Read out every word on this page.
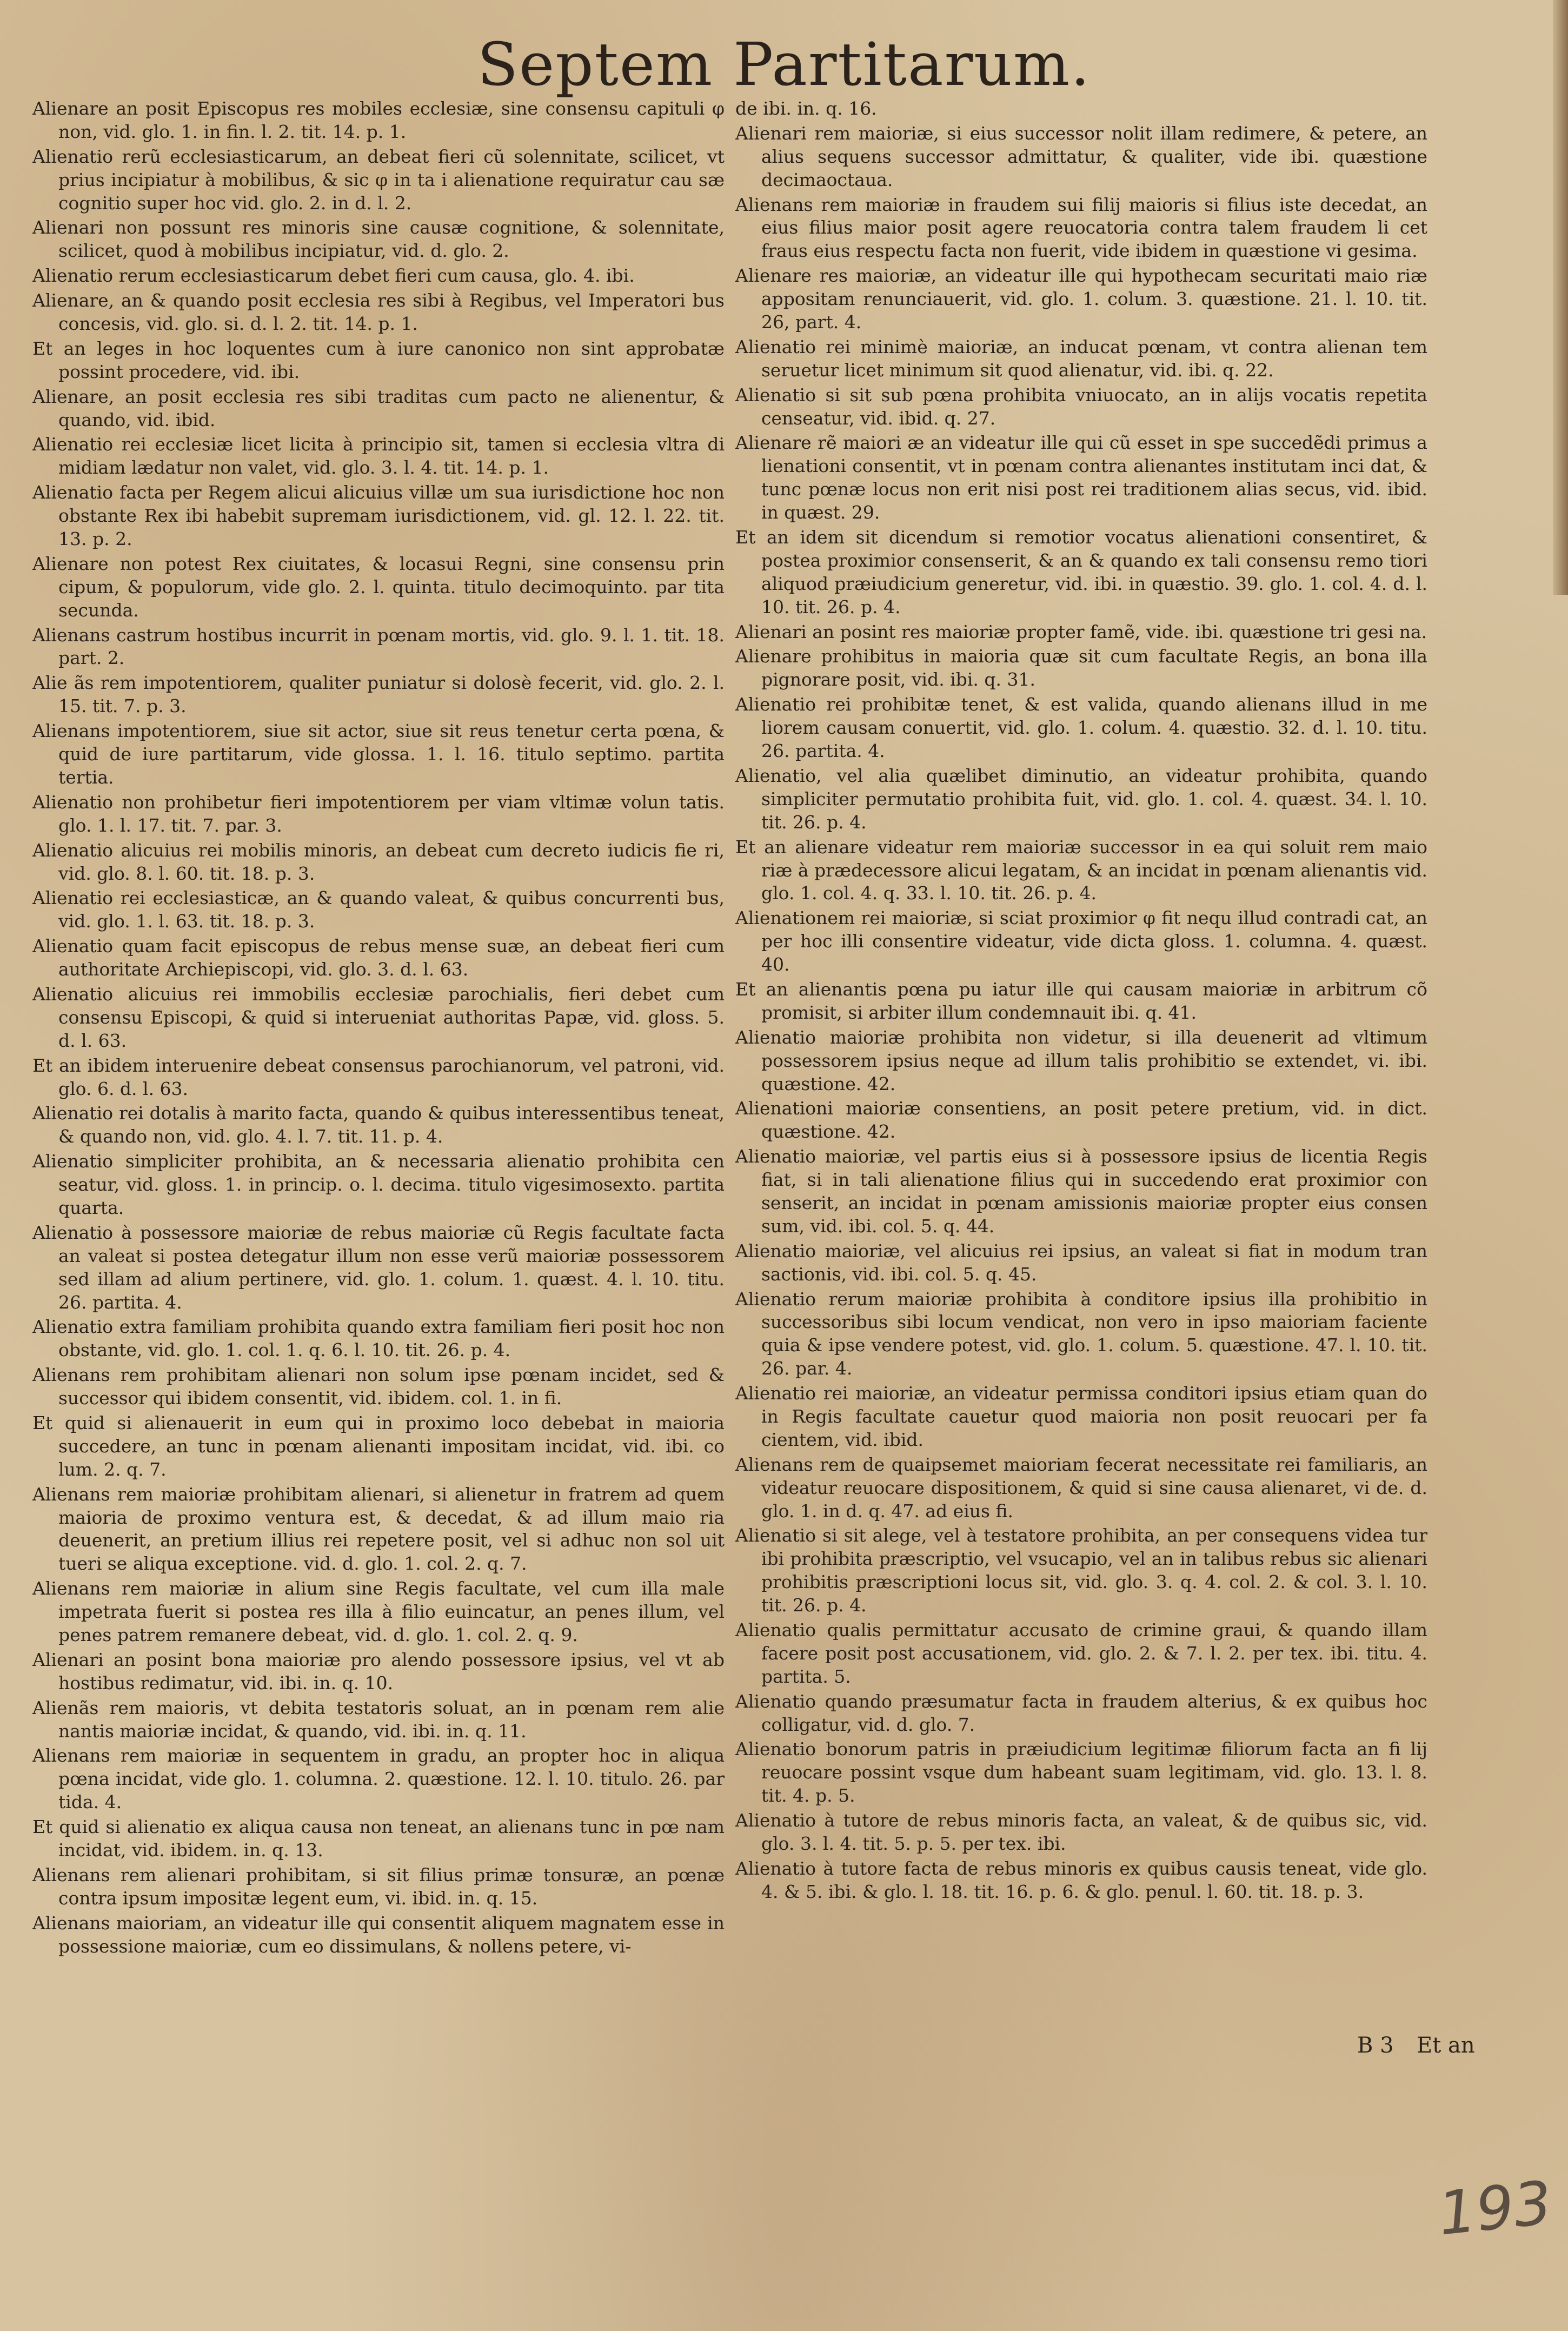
Septem Partitarum.

Alienare an posit Episcopus res mobiles ecclesiæ, sine consensu capituli φ non, vid. glo. 1. in fin. l. 2. tit. 14. p. 1.

Alienatio rerũ ecclesiasticarum, an debeat fieri cũ solennitate, scilicet, vt prius incipiatur à mobilibus, & sic φ in ta i alienatione requiratur cau sæ cognitio super hoc vid. glo. 2. in d. l. 2.

Alienari non possunt res minoris sine causæ cognitione, & solennitate, scilicet, quod à mobilibus incipiatur, vid. d. glo. 2.

Alienatio rerum ecclesiasticarum debet fieri cum causa, glo. 4. ibi.

Alienare, an & quando posit ecclesia res sibi à Regibus, vel Imperatori bus concesis, vid. glo. si. d. l. 2. tit. 14. p. 1.

Et an leges in hoc loquentes cum à iure canonico non sint approbatæ possint procedere, vid. ibi.

Alienare, an posit ecclesia res sibi traditas cum pacto ne alienentur, & quando, vid. ibid.

Alienatio rei ecclesiæ licet licita à principio sit, tamen si ecclesia vltra di midiam lædatur non valet, vid. glo. 3. l. 4. tit. 14. p. 1.

Alienatio facta per Regem alicui alicuius villæ um sua iurisdictione hoc non obstante Rex ibi habebit supremam iurisdictionem, vid. gl. 12. l. 22. tit. 13. p. 2.

Alienare non potest Rex ciuitates, & locasui Regni, sine consensu prin cipum, & populorum, vide glo. 2. l. quinta. titulo decimoquinto. par tita secunda.

Alienans castrum hostibus incurrit in pœnam mortis, vid. glo. 9. l. 1. tit. 18. part. 2.

Alie ãs rem impotentiorem, qualiter puniatur si dolosè fecerit, vid. glo. 2. l. 15. tit. 7. p. 3.

Alienans impotentiorem, siue sit actor, siue sit reus tenetur certa pœna, & quid de iure partitarum, vide glossa. 1. l. 16. titulo septimo. partita tertia.

Alienatio non prohibetur fieri impotentiorem per viam vltimæ volun tatis. glo. 1. l. 17. tit. 7. par. 3.

Alienatio alicuius rei mobilis minoris, an debeat cum decreto iudicis fie ri, vid. glo. 8. l. 60. tit. 18. p. 3.

Alienatio rei ecclesiasticæ, an & quando valeat, & quibus concurrenti bus, vid. glo. 1. l. 63. tit. 18. p. 3.

Alienatio quam facit episcopus de rebus mense suæ, an debeat fieri cum authoritate Archiepiscopi, vid. glo. 3. d. l. 63.

Alienatio alicuius rei immobilis ecclesiæ parochialis, fieri debet cum consensu Episcopi, & quid si interueniat authoritas Papæ, vid. gloss. 5. d. l. 63.

Et an ibidem interuenire debeat consensus parochianorum, vel patroni, vid. glo. 6. d. l. 63.

Alienatio rei dotalis à marito facta, quando & quibus interessentibus teneat, & quando non, vid. glo. 4. l. 7. tit. 11. p. 4.

Alienatio simpliciter prohibita, an & necessaria alienatio prohibita cen seatur, vid. gloss. 1. in princip. o. l. decima. titulo vigesimosexto. partita quarta.

Alienatio à possessore maioriæ de rebus maioriæ cũ Regis facultate facta an valeat si postea detegatur illum non esse verũ maioriæ possessorem sed illam ad alium pertinere, vid. glo. 1. colum. 1. quæst. 4. l. 10. titu. 26. partita. 4.

Alienatio extra familiam prohibita quando extra familiam fieri posit hoc non obstante, vid. glo. 1. col. 1. q. 6. l. 10. tit. 26. p. 4.

Alienans rem prohibitam alienari non solum ipse pœnam incidet, sed & successor qui ibidem consentit, vid. ibidem. col. 1. in fi.

Et quid si alienauerit in eum qui in proximo loco debebat in maioria succedere, an tunc in pœnam alienanti impositam incidat, vid. ibi. co lum. 2. q. 7.

Alienans rem maioriæ prohibitam alienari, si alienetur in fratrem ad quem maioria de proximo ventura est, & decedat, & ad illum maio ria deuenerit, an pretium illius rei repetere posit, vel si adhuc non sol uit tueri se aliqua exceptione. vid. d. glo. 1. col. 2. q. 7.

Alienans rem maioriæ in alium sine Regis facultate, vel cum illa male impetrata fuerit si postea res illa à filio euincatur, an penes illum, vel penes patrem remanere debeat, vid. d. glo. 1. col. 2. q. 9.

Alienari an posint bona maioriæ pro alendo possessore ipsius, vel vt ab hostibus redimatur, vid. ibi. in. q. 10.

Alienãs rem maioris, vt debita testatoris soluat, an in pœnam rem alie nantis maioriæ incidat, & quando, vid. ibi. in. q. 11.

Alienans rem maioriæ in sequentem in gradu, an propter hoc in aliqua pœna incidat, vide glo. 1. columna. 2. quæstione. 12. l. 10. titulo. 26. par tida. 4.

Et quid si alienatio ex aliqua causa non teneat, an alienans tunc in pœ nam incidat, vid. ibidem. in. q. 13.

Alienans rem alienari prohibitam, si sit filius primæ tonsuræ, an pœnæ contra ipsum impositæ legent eum, vi. ibid. in. q. 15.

Alienans maioriam, an videatur ille qui consentit aliquem magnatem esse in possessione maioriæ, cum eo dissimulans, & nollens petere, vi-

de ibi. in. q. 16.

Alienari rem maioriæ, si eius successor nolit illam redimere, & petere, an alius sequens successor admittatur, & qualiter, vide ibi. quæstione decimaoctaua.

Alienans rem maioriæ in fraudem sui filij maioris si filius iste decedat, an eius filius maior posit agere reuocatoria contra talem fraudem li cet fraus eius respectu facta non fuerit, vide ibidem in quæstione vi gesima.

Alienare res maioriæ, an videatur ille qui hypothecam securitati maio riæ appositam renunciauerit, vid. glo. 1. colum. 3. quæstione. 21. l. 10. tit. 26, part. 4.

Alienatio rei minimè maioriæ, an inducat pœnam, vt contra alienan tem seruetur licet minimum sit quod alienatur, vid. ibi. q. 22.

Alienatio si sit sub pœna prohibita vniuocato, an in alijs vocatis repetita censeatur, vid. ibid. q. 27.

Alienare rẽ maiori æ an videatur ille qui cũ esset in spe succedẽdi primus a lienationi consentit, vt in pœnam contra alienantes institutam inci dat, & tunc pœnæ locus non erit nisi post rei traditionem alias secus, vid. ibid. in quæst. 29.

Et an idem sit dicendum si remotior vocatus alienationi consentiret, & postea proximior consenserit, & an & quando ex tali consensu remo tiori aliquod præiudicium generetur, vid. ibi. in quæstio. 39. glo. 1. col. 4. d. l. 10. tit. 26. p. 4.

Alienari an posint res maioriæ propter famẽ, vide. ibi. quæstione tri gesi na.

Alienare prohibitus in maioria quæ sit cum facultate Regis, an bona illa pignorare posit, vid. ibi. q. 31.

Alienatio rei prohibitæ tenet, & est valida, quando alienans illud in me liorem causam conuertit, vid. glo. 1. colum. 4. quæstio. 32. d. l. 10. titu. 26. partita. 4.

Alienatio, vel alia quælibet diminutio, an videatur prohibita, quando simpliciter permutatio prohibita fuit, vid. glo. 1. col. 4. quæst. 34. l. 10. tit. 26. p. 4.

Et an alienare videatur rem maioriæ successor in ea qui soluit rem maio riæ à prædecessore alicui legatam, & an incidat in pœnam alienantis vid. glo. 1. col. 4. q. 33. l. 10. tit. 26. p. 4.

Alienationem rei maioriæ, si sciat proximior φ fit nequ illud contradi cat, an per hoc illi consentire videatur, vide dicta gloss. 1. columna. 4. quæst. 40.

Et an alienantis pœna pu iatur ille qui causam maioriæ in arbitrum cõ promisit, si arbiter illum condemnauit ibi. q. 41.

Alienatio maioriæ prohibita non videtur, si illa deuenerit ad vltimum possessorem ipsius neque ad illum talis prohibitio se extendet, vi. ibi. quæstione. 42.

Alienationi maioriæ consentiens, an posit petere pretium, vid. in dict. quæstione. 42.

Alienatio maioriæ, vel partis eius si à possessore ipsius de licentia Regis fiat, si in tali alienatione filius qui in succedendo erat proximior con senserit, an incidat in pœnam amissionis maioriæ propter eius consen sum, vid. ibi. col. 5. q. 44.

Alienatio maioriæ, vel alicuius rei ipsius, an valeat si fiat in modum tran sactionis, vid. ibi. col. 5. q. 45.

Alienatio rerum maioriæ prohibita à conditore ipsius illa prohibitio in successoribus sibi locum vendicat, non vero in ipso maioriam faciente quia & ipse vendere potest, vid. glo. 1. colum. 5. quæstione. 47. l. 10. tit. 26. par. 4.

Alienatio rei maioriæ, an videatur permissa conditori ipsius etiam quan do in Regis facultate cauetur quod maioria non posit reuocari per fa cientem, vid. ibid.

Alienans rem de quaipsemet maioriam fecerat necessitate rei familiaris, an videatur reuocare dispositionem, & quid si sine causa alienaret, vi de. d. glo. 1. in d. q. 47. ad eius fi.

Alienatio si sit alege, vel à testatore prohibita, an per consequens videa tur ibi prohibita præscriptio, vel vsucapio, vel an in talibus rebus sic alienari prohibitis præscriptioni locus sit, vid. glo. 3. q. 4. col. 2. & col. 3. l. 10. tit. 26. p. 4.

Alienatio qualis permittatur accusato de crimine graui, & quando illam facere posit post accusationem, vid. glo. 2. & 7. l. 2. per tex. ibi. titu. 4. partita. 5.

Alienatio quando præsumatur facta in fraudem alterius, & ex quibus hoc colligatur, vid. d. glo. 7.

Alienatio bonorum patris in præiudicium legitimæ filiorum facta an fi lij reuocare possint vsque dum habeant suam legitimam, vid. glo. 13. l. 8. tit. 4. p. 5.

Alienatio à tutore de rebus minoris facta, an valeat, & de quibus sic, vid. glo. 3. l. 4. tit. 5. p. 5. per tex. ibi.

Alienatio à tutore facta de rebus minoris ex quibus causis teneat, vide glo. 4. & 5. ibi. & glo. l. 18. tit. 16. p. 6. & glo. penul. l. 60. tit. 18. p. 3.

B 3 Et an
193
